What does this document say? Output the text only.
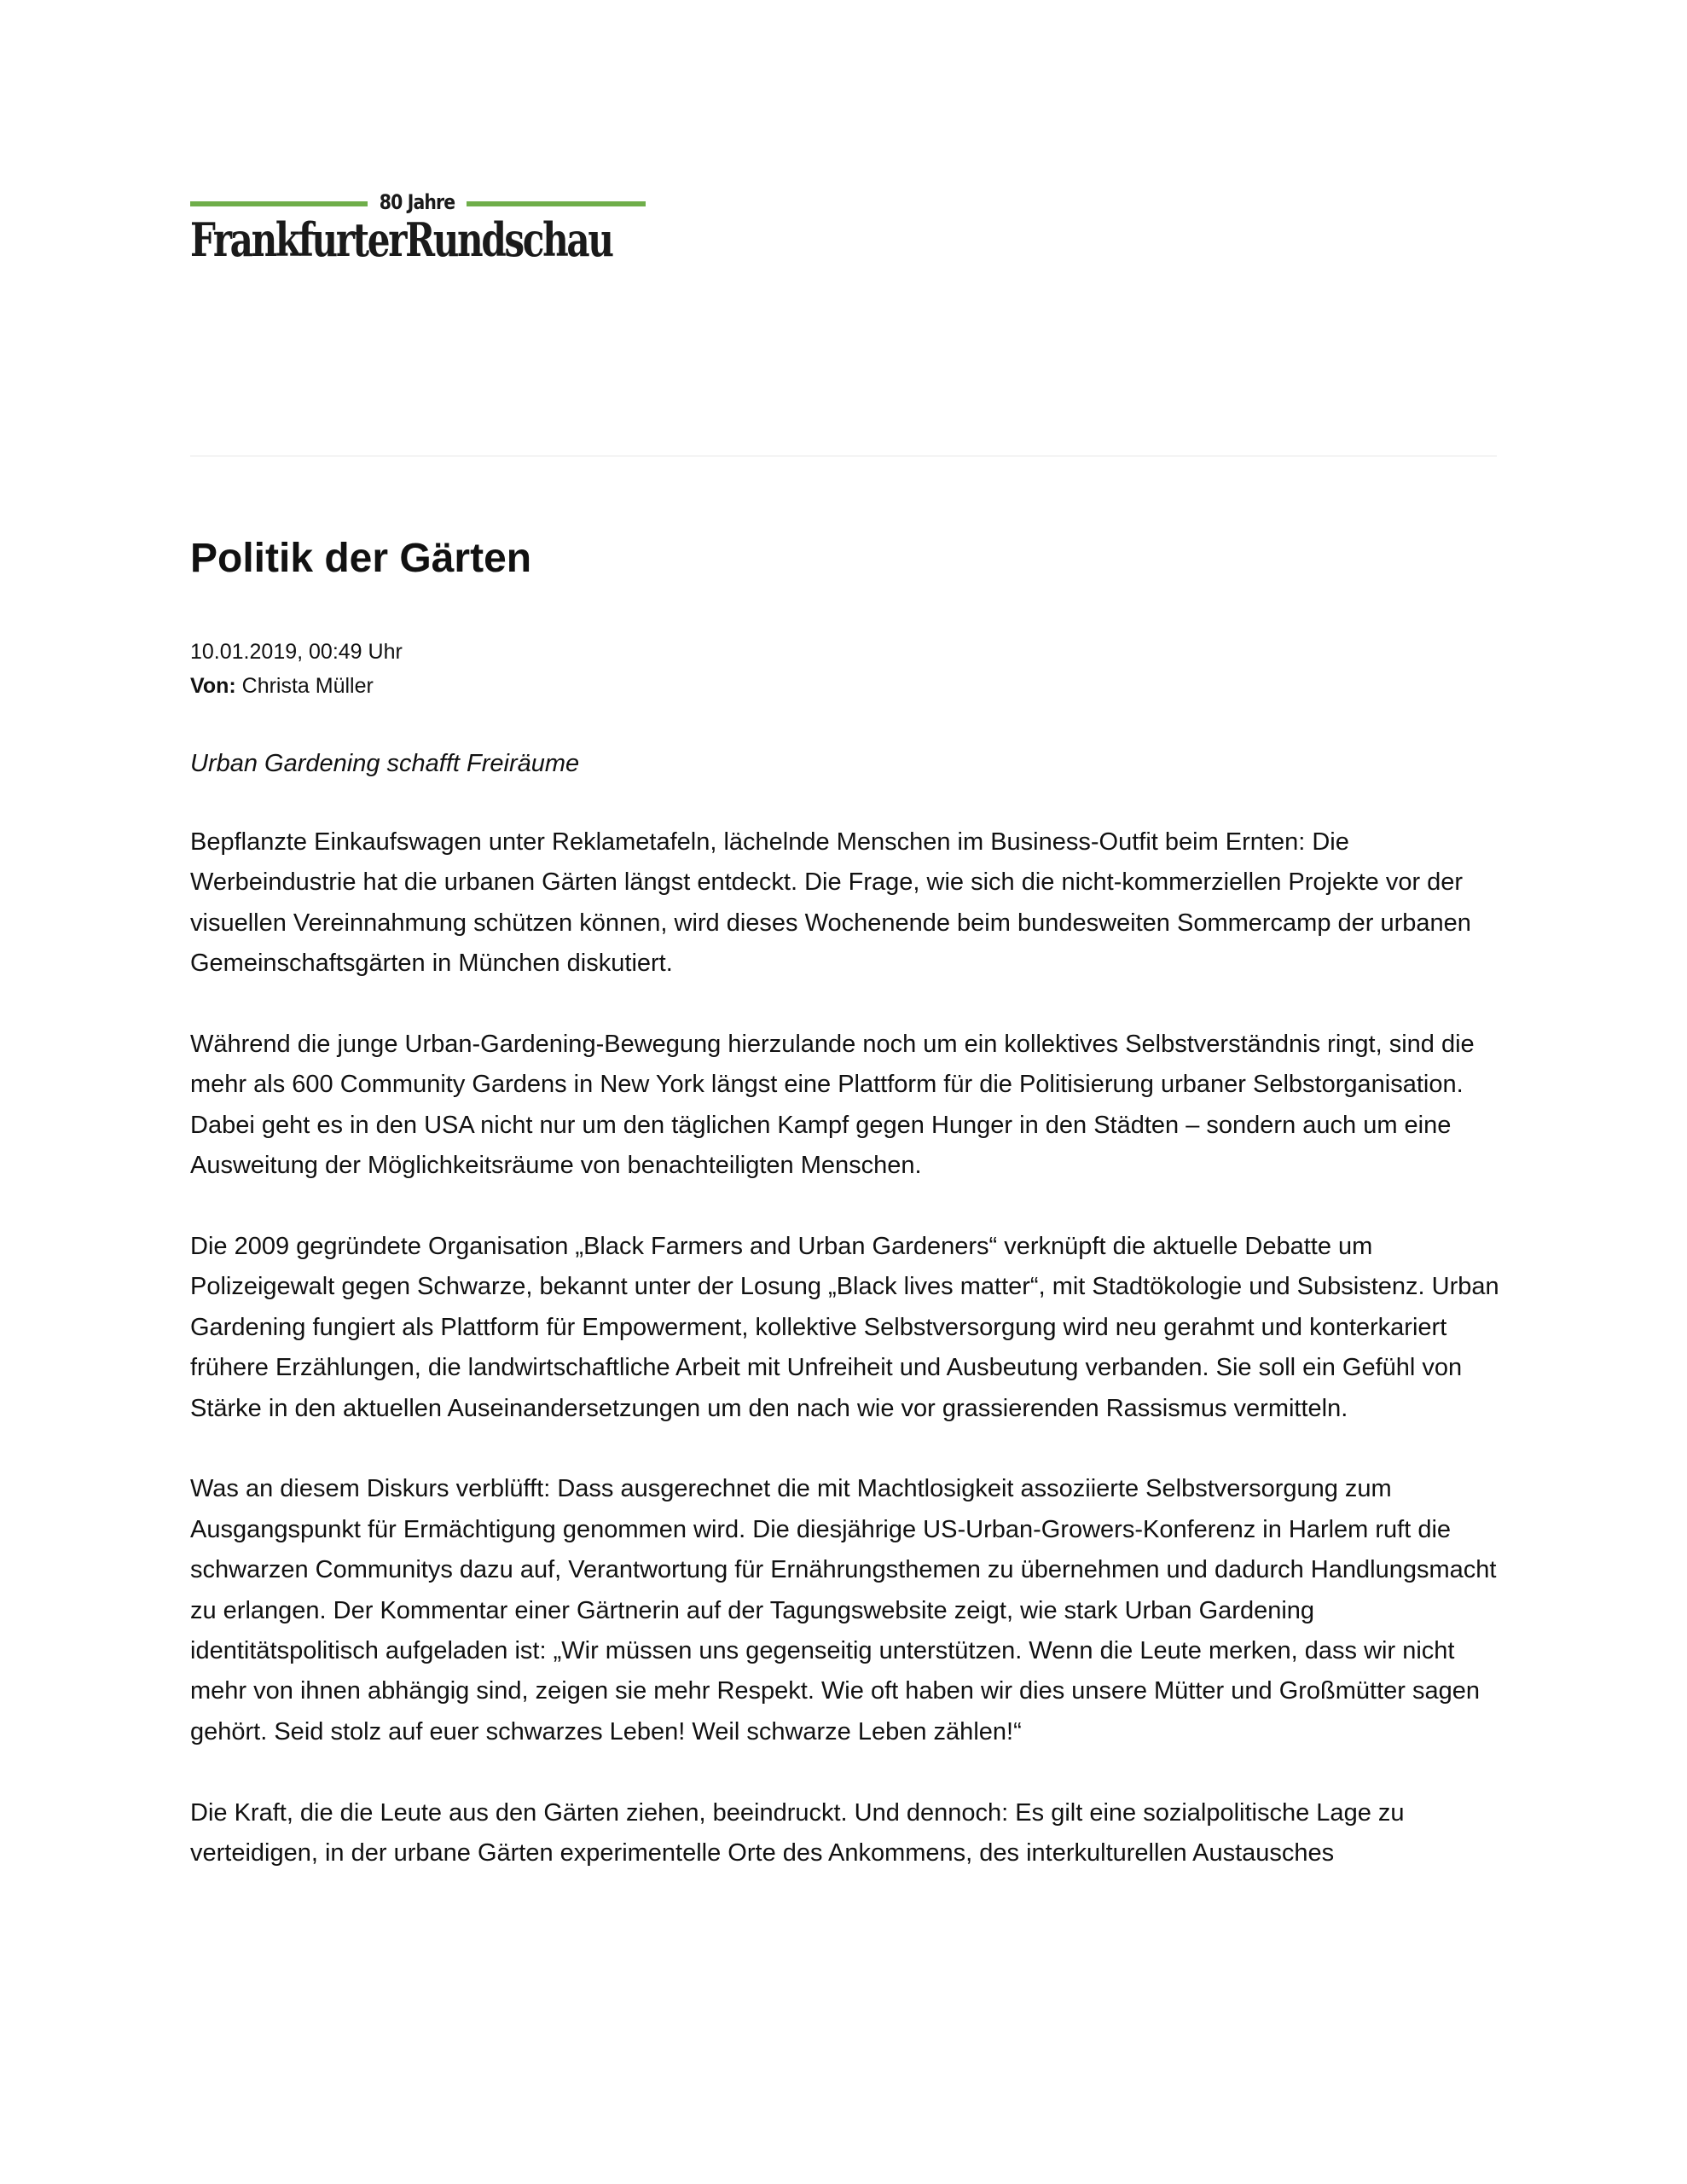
80 Jahre
FrankfurterRundschau
Politik der Gärten
10.01.2019, 00:49 Uhr
Von: Christa Müller
Urban Gardening schafft Freiräume

Bepflanzte Einkaufswagen unter Reklametafeln, lächelnde Menschen im Business-Outfit beim Ernten: Die Werbeindustrie hat die urbanen Gärten längst entdeckt. Die Frage, wie sich die nicht-kommerziellen Projekte vor der visuellen Vereinnahmung schützen können, wird dieses Wochenende beim bundesweiten Sommercamp der urbanen Gemeinschaftsgärten in München diskutiert.

Während die junge Urban-Gardening-Bewegung hierzulande noch um ein kollektives Selbstverständnis ringt, sind die mehr als 600 Community Gardens in New York längst eine Plattform für die Politisierung urbaner Selbstorganisation. Dabei geht es in den USA nicht nur um den täglichen Kampf gegen Hunger in den Städten – sondern auch um eine Ausweitung der Möglichkeitsräume von benachteiligten Menschen.

Die 2009 gegründete Organisation „Black Farmers and Urban Gardeners“ verknüpft die aktuelle Debatte um Polizeigewalt gegen Schwarze, bekannt unter der Losung „Black lives matter“, mit Stadtökologie und Subsistenz. Urban Gardening fungiert als Plattform für Empowerment, kollektive Selbstversorgung wird neu gerahmt und konterkariert frühere Erzählungen, die landwirtschaftliche Arbeit mit Unfreiheit und Ausbeutung verbanden. Sie soll ein Gefühl von Stärke in den aktuellen Auseinandersetzungen um den nach wie vor grassierenden Rassismus vermitteln.

Was an diesem Diskurs verblüfft: Dass ausgerechnet die mit Machtlosigkeit assoziierte Selbstversorgung zum Ausgangspunkt für Ermächtigung genommen wird. Die diesjährige US-Urban-Growers-Konferenz in Harlem ruft die schwarzen Communitys dazu auf, Verantwortung für Ernährungsthemen zu übernehmen und dadurch Handlungsmacht zu erlangen. Der Kommentar einer Gärtnerin auf der Tagungswebsite zeigt, wie stark Urban Gardening identitätspolitisch aufgeladen ist: „Wir müssen uns gegenseitig unterstützen. Wenn die Leute merken, dass wir nicht mehr von ihnen abhängig sind, zeigen sie mehr Respekt. Wie oft haben wir dies unsere Mütter und Großmütter sagen gehört. Seid stolz auf euer schwarzes Leben! Weil schwarze Leben zählen!“

Die Kraft, die die Leute aus den Gärten ziehen, beeindruckt. Und dennoch: Es gilt eine sozialpolitische Lage zu verteidigen, in der urbane Gärten experimentelle Orte des Ankommens, des interkulturellen Austausches
